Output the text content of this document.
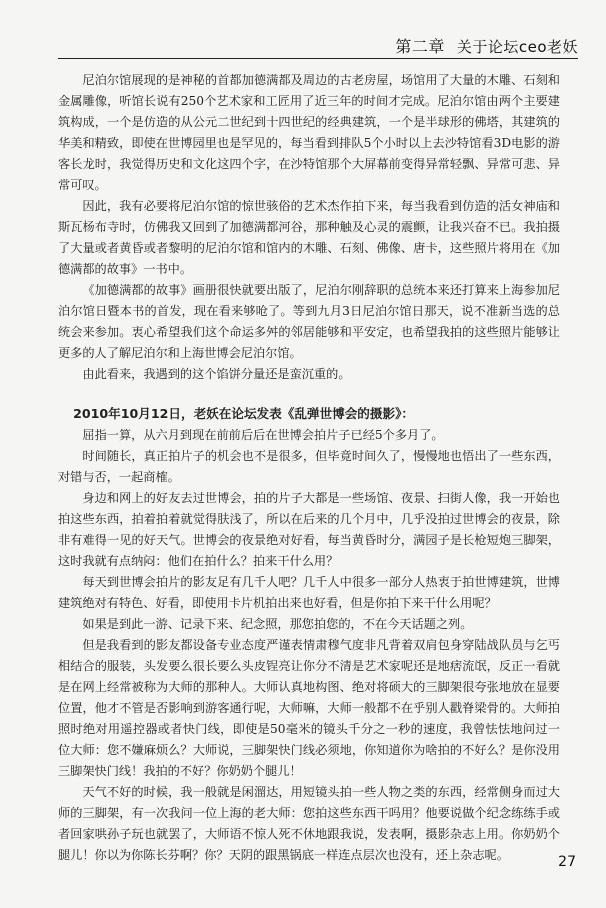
第二章 关于论坛ceo老妖

尼泊尔馆展现的是神秘的首都加德满都及周边的古老房屋，场馆用了大量的木雕、石刻和金属雕像，听馆长说有250个艺术家和工匠用了近三年的时间才完成。尼泊尔馆由两个主要建筑构成，一个是仿造的从公元二世纪到十四世纪的经典建筑，一个是半球形的佛塔，其建筑的华美和精致，即使在世博园里也是罕见的，每当看到排队5个小时以上去沙特馆看3D电影的游客长龙时，我觉得历史和文化这四个字，在沙特馆那个大屏幕前变得异常轻飘、异常可悲、异常可叹。

因此，我有必要将尼泊尔馆的惊世骇俗的艺术杰作拍下来，每当我看到仿造的活女神庙和斯瓦杨布寺时，仿佛我又回到了加德满都河谷，那种触及心灵的震颤，让我兴奋不已。我拍摄了大量或者黄昏或者黎明的尼泊尔馆和馆内的木雕、石刻、佛像、唐卡，这些照片将用在《加德满都的故事》一书中。

《加德满都的故事》画册很快就要出版了，尼泊尔刚辞职的总统本来还打算来上海参加尼泊尔馆日暨本书的首发，现在看来够呛了。等到九月3日尼泊尔馆日那天，说不准新当选的总统会来参加。衷心希望我们这个命运多舛的邻居能够和平安定，也希望我拍的这些照片能够让更多的人了解尼泊尔和上海世博会尼泊尔馆。

由此看来，我遇到的这个馅饼分量还是蛮沉重的。

2010年10月12日，老妖在论坛发表《乱弹世博会的摄影》：

屈指一算，从六月到现在前前后后在世博会拍片子已经5个多月了。

时间随长，真正拍片子的机会也不是很多，但毕竟时间久了，慢慢地也悟出了一些东西，对错与否，一起商榷。

身边和网上的好友去过世博会，拍的片子大都是一些场馆、夜景、扫街人像，我一开始也拍这些东西，拍着拍着就觉得肤浅了，所以在后来的几个月中，几乎没拍过世博会的夜景，除非有难得一见的好天气。世博会的夜景绝对好看，每当黄昏时分，满园子是长枪短炮三脚架，这时我就有点纳闷：他们在拍什么？拍来干什么用？

每天到世博会拍片的影友足有几千人吧？几千人中很多一部分人热衷于拍世博建筑，世博建筑绝对有特色、好看，即使用卡片机拍出来也好看，但是你拍下来干什么用呢？

如果是到此一游、记录下来、纪念照，那您拍您的，不在今天话题之列。

但是我看到的影友都设备专业态度严谨表情肃穆气度非凡背着双肩包身穿陆战队员与乞丐相结合的服装，头发要么很长要么头皮锃亮让你分不清是艺术家呢还是地痞流氓，反正一看就是在网上经常被称为大师的那种人。大师认真地构图、绝对将硕大的三脚架很夸张地放在显要位置，他才不管是否影响到游客通行呢，大师嘛，大师一般都不在乎别人戳脊梁骨的。大师拍照时绝对用遥控器或者快门线，即使是50毫米的镜头千分之一秒的速度，我曾怯怯地问过一位大师：您不嫌麻烦么？大师说，三脚架快门线必须地，你知道你为啥拍的不好么？是你没用三脚架快门线！我拍的不好？你奶奶个腿儿！

天气不好的时候，我一般就是闲溜达，用短镜头拍一些人物之类的东西，经常侧身而过大师的三脚架，有一次我问一位上海的老大师：您拍这些东西干吗用？他要说做个纪念练练手或者回家哄孙子玩也就罢了，大师语不惊人死不休地跟我说，发表啊，摄影杂志上用。你奶奶个腿儿！你以为你陈长芬啊？你？天阴的跟黑锅底一样连点层次也没有，还上杂志呢。	27
